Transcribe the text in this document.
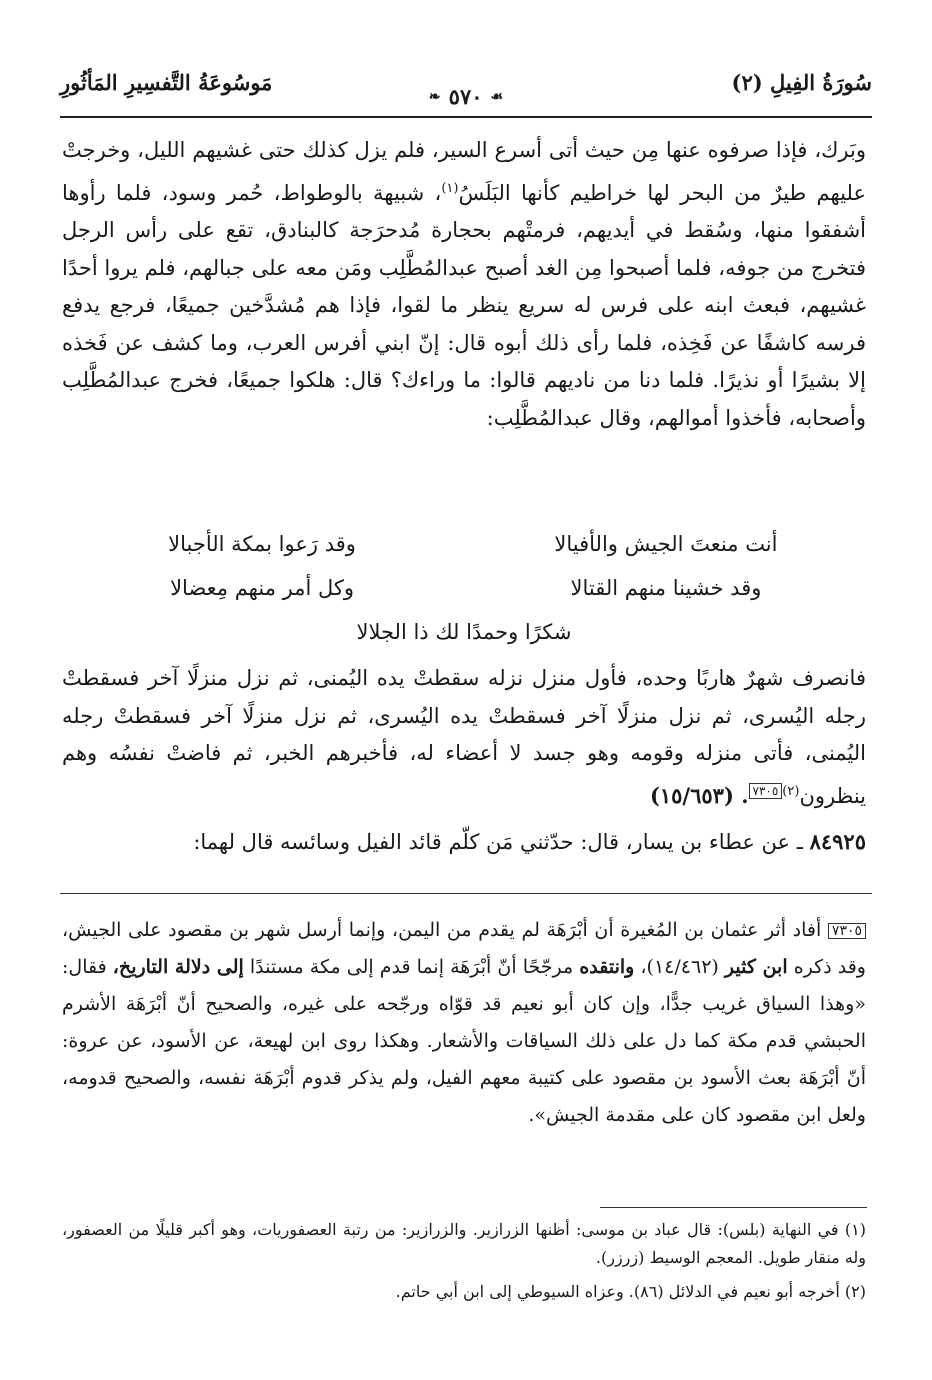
مَوسُوعَةُ التَّفسِيرِ المَأثُورِ	سُورَةُ الفِيلِ (٢)
❧ ٥٧٠ ☙
وبَرك، فإذا صرفوه عنها مِن حيث أتى أسرع السير، فلم يزل كذلك حتى غشيهم الليل، وخرجتْ عليهم طيرٌ من البحر لها خراطيم كأنها البَلَسُ$^{(١)}$، شبيهة بالوطواط، حُمر وسود، فلما رأوها أشفقوا منها، وسُقط في أيديهم، فرمتْهم بحجارة مُدحرَجة كالبنادق، تقع على رأس الرجل فتخرج من جوفه، فلما أصبحوا مِن الغد أصبح عبدالمُطَّلِب ومَن معه على جبالهم، فلم يروا أحدًا غشيهم، فبعث ابنه على فرس له سريع ينظر ما لقوا، فإذا هم مُشدَّخين جميعًا، فرجع يدفع فرسه كاشفًا عن فَخِذه، فلما رأى ذلك أبوه قال: إنّ ابني أفرس العرب، وما كشف عن فَخذه إلا بشيرًا أو نذيرًا. فلما دنا من ناديهم قالوا: ما وراءك؟ قال: هلكوا جميعًا، فخرج عبدالمُطَّلِب وأصحابه، فأخذوا أموالهم، وقال عبدالمُطَّلِب:
أنت منعتَ الجيش والأفيالا
وقد رَعوا بمكة الأجبالا
وقد خشينا منهم القتالا
وكل أمر منهم مِعضالا
شكرًا وحمدًا لك ذا الجلالا
فانصرف شهرٌ هاربًا وحده، فأول منزل نزله سقطتْ يده اليُمنى، ثم نزل منزلًا آخر فسقطتْ رجله اليُسرى، ثم نزل منزلًا آخر فسقطتْ يده اليُسرى، ثم نزل منزلًا آخر فسقطتْ رجله اليُمنى، فأتى منزله وقومه وهو جسد لا أعضاء له، فأخبرهم الخبر، ثم فاضتْ نفسُه وهم ينظرون$^{(٢)}$٧٣٠٥. (١٥/٦٥٣)
٨٤٩٢٥ ـ عن عطاء بن يسار، قال: حدّثني مَن كلّم قائد الفيل وسائسه قال لهما:
٧٣٠٥ أفاد أثر عثمان بن المُغيرة أن أبْرَهَة لم يقدم من اليمن، وإنما أرسل شهر بن مقصود على الجيش، وقد ذكره ابن كثير (١٤/٤٦٢)، وانتقده مرجّحًا أنّ أبْرَهَة إنما قدم إلى مكة مستندًا إلى دلالة التاريخ، فقال: «وهذا السياق غريب جدًّا، وإن كان أبو نعيم قد قوّاه ورجّحه على غيره، والصحيح أنّ أبْرَهَة الأشرم الحبشي قدم مكة كما دل على ذلك السياقات والأشعار. وهكذا روى ابن لهيعة، عن الأسود، عن عروة: أنّ أبْرَهَة بعث الأسود بن مقصود على كتيبة معهم الفيل، ولم يذكر قدوم أبْرَهَة نفسه، والصحيح قدومه، ولعل ابن مقصود كان على مقدمة الجيش».
(١) في النهاية (بلس): قال عباد بن موسى: أظنها الزرازير. والزرازير: من رتبة العصفوريات، وهو أكبر قليلًا من العصفور، وله منقار طويل. المعجم الوسيط (زرزر).
(٢) أخرجه أبو نعيم في الدلائل (٨٦). وعزاه السيوطي إلى ابن أبي حاتم.
